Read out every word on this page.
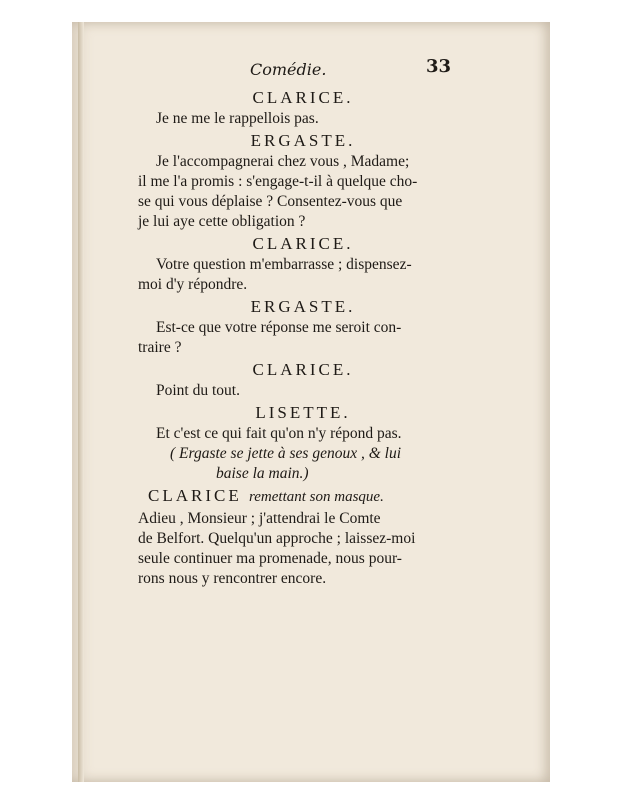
Comédie.	33
CLARICE.
Je ne me le rappellois pas.
ERGASTE.
Je l'accompagnerai chez vous , Madame;
il me l'a promis : s'engage-t-il à quelque cho-
se qui vous déplaise ? Consentez-vous que
je lui aye cette obligation ?
CLARICE.
Votre question m'embarrasse ; dispensez-
moi d'y répondre.
ERGASTE.
Est-ce que votre réponse me seroit con-
traire ?
CLARICE.
Point du tout.
LISETTE.
Et c'est ce qui fait qu'on n'y répond pas.
( Ergaste se jette à ses genoux , & lui
baise la main.)
CLARICE remettant son masque.
Adieu , Monsieur ; j'attendrai le Comte
de Belfort. Quelqu'un approche ; laissez-moi
seule continuer ma promenade, nous pour-
rons nous y rencontrer encore.
